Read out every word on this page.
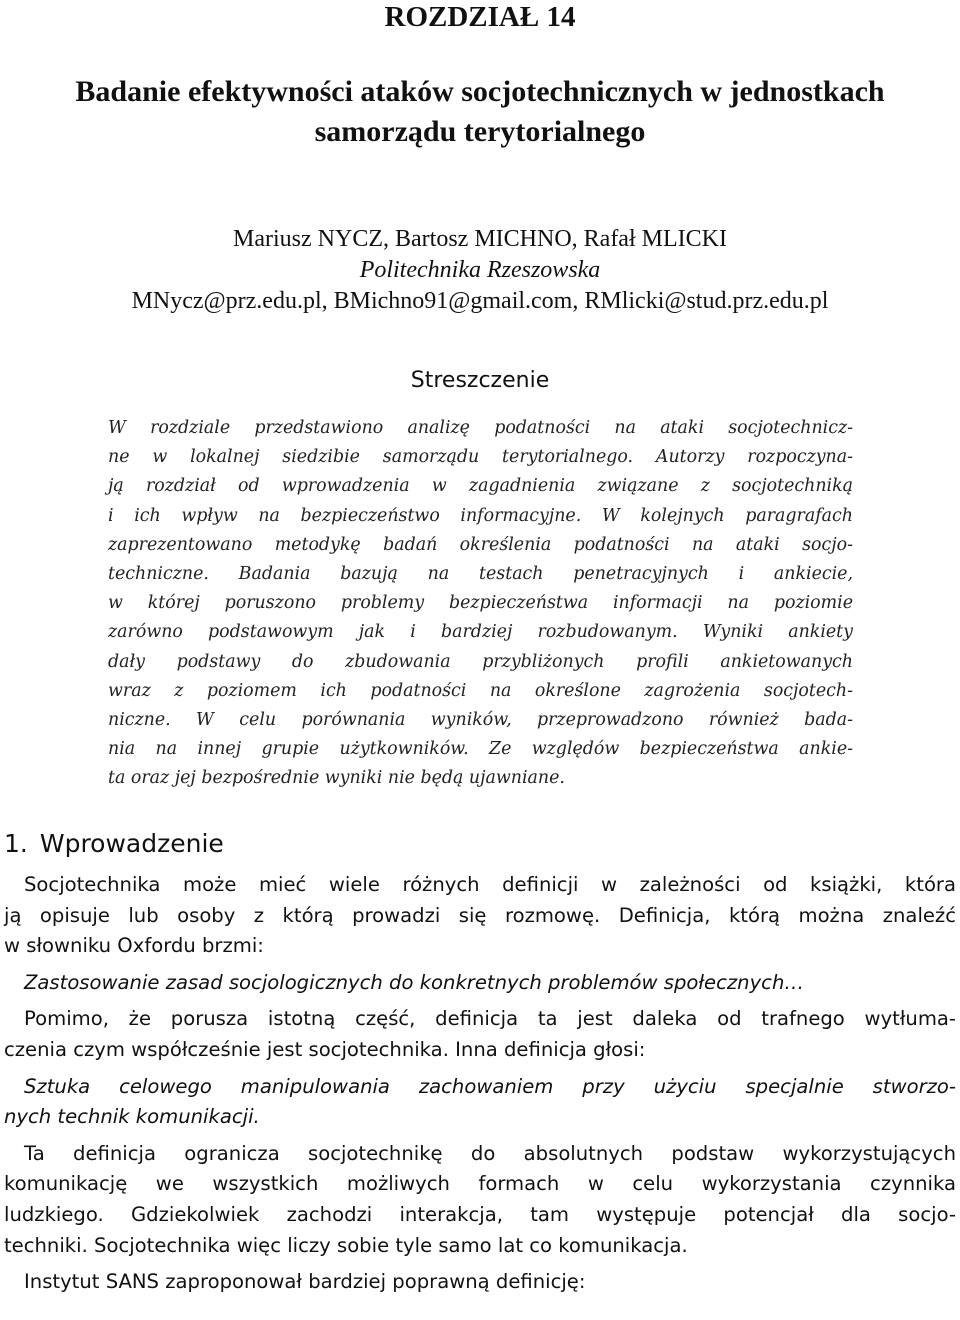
ROZDZIAŁ 14
Badanie efektywności ataków socjotechnicznych w jednostkach
samorządu terytorialnego
Mariusz NYCZ, Bartosz MICHNO, Rafał MLICKI
Politechnika Rzeszowska
MNycz@prz.edu.pl, BMichno91@gmail.com, RMlicki@stud.prz.edu.pl
Streszczenie
W rozdziale przedstawiono analizę podatności na ataki socjotechnicz-
ne w lokalnej siedzibie samorządu terytorialnego. Autorzy rozpoczyna-
ją rozdział od wprowadzenia w zagadnienia związane z socjotechniką
i ich wpływ na bezpieczeństwo informacyjne. W kolejnych paragrafach
zaprezentowano metodykę badań określenia podatności na ataki socjo-
techniczne. Badania bazują na testach penetracyjnych i ankiecie,
w której poruszono problemy bezpieczeństwa informacji na poziomie
zarówno podstawowym jak i bardziej rozbudowanym. Wyniki ankiety
dały podstawy do zbudowania przybliżonych profili ankietowanych
wraz z poziomem ich podatności na określone zagrożenia socjotech-
niczne. W celu porównania wyników, przeprowadzono również bada-
nia na innej grupie użytkowników. Ze względów bezpieczeństwa ankie-
ta oraz jej bezpośrednie wyniki nie będą ujawniane.
1. Wprowadzenie
Socjotechnika może mieć wiele różnych definicji w zależności od książki, która
ją opisuje lub osoby z którą prowadzi się rozmowę. Definicja, którą można znaleźć
w słowniku Oxfordu brzmi:
Zastosowanie zasad socjologicznych do konkretnych problemów społecznych…
Pomimo, że porusza istotną część, definicja ta jest daleka od trafnego wytłuma-
czenia czym współcześnie jest socjotechnika. Inna definicja głosi:
Sztuka celowego manipulowania zachowaniem przy użyciu specjalnie stworzo-
nych technik komunikacji.
Ta definicja ogranicza socjotechnikę do absolutnych podstaw wykorzystujących
komunikację we wszystkich możliwych formach w celu wykorzystania czynnika
ludzkiego. Gdziekolwiek zachodzi interakcja, tam występuje potencjał dla socjo-
techniki. Socjotechnika więc liczy sobie tyle samo lat co komunikacja.
Instytut SANS zaproponował bardziej poprawną definicję:
